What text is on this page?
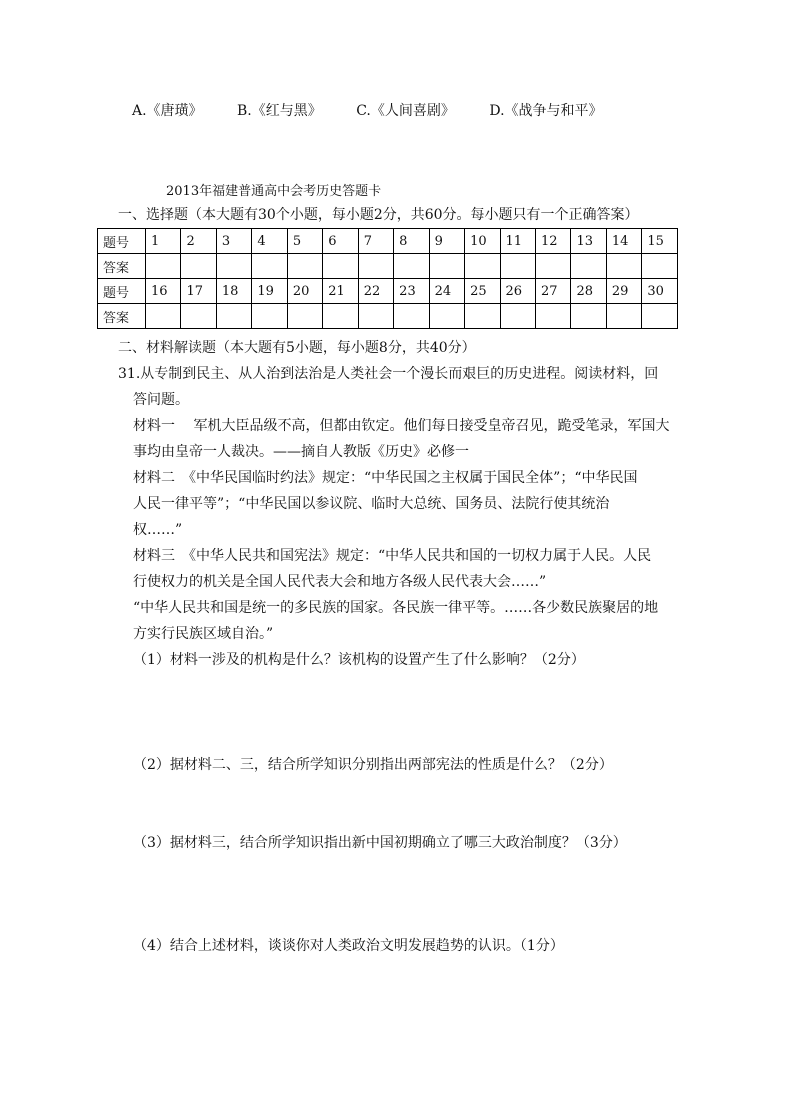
A.《唐璜》 B.《红与黑》 C.《人间喜剧》 D.《战争与和平》
2013年福建普通高中会考历史答题卡
一、选择题（本大题有30个小题，每小题2分，共60分。每小题只有一个正确答案）
题号	1	2	3	4	5	6	7	8	9	10	11	12	13	14	15
答案															
题号	16	17	18	19	20	21	22	23	24	25	26	27	28	29	30
答案															
二、材料解读题（本大题有5小题，每小题8分，共40分）
31.从专制到民主、从人治到法治是人类社会一个漫长而艰巨的历史进程。阅读材料，回
答问题。
材料一　 军机大臣品级不高，但都由钦定。他们每日接受皇帝召见，跪受笔录，军国大
事均由皇帝一人裁决。——摘自人教版《历史》必修一
材料二　《中华民国临时约法》规定：“中华民国之主权属于国民全体”；“中华民国
人民一律平等”；“中华民国以参议院、临时大总统、国务员、法院行使其统治
权……”
材料三　《中华人民共和国宪法》规定：“中华人民共和国的一切权力属于人民。人民
行使权力的机关是全国人民代表大会和地方各级人民代表大会……”
“中华人民共和国是统一的多民族的国家。各民族一律平等。……各少数民族聚居的地
方实行民族区域自治。”
（1）材料一涉及的机构是什么？该机构的设置产生了什么影响？（2分）
（2）据材料二、三，结合所学知识分别指出两部宪法的性质是什么？（2分）
（3）据材料三，结合所学知识指出新中国初期确立了哪三大政治制度？（3分）
（4）结合上述材料，谈谈你对人类政治文明发展趋势的认识。（1分）
